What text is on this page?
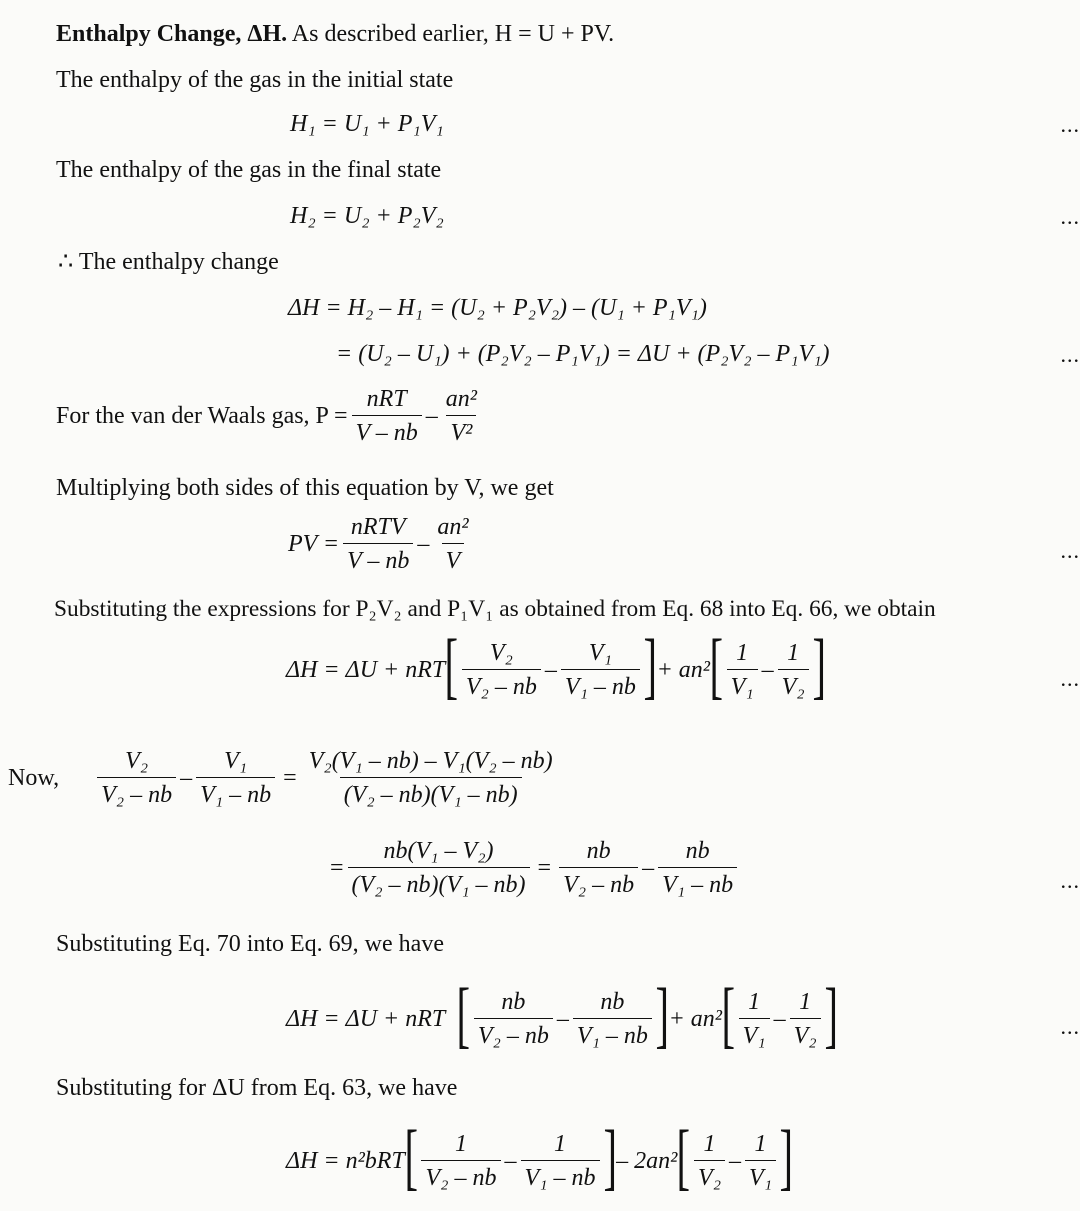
Enthalpy Change, ΔH. As described earlier, H = U + PV.
The enthalpy of the gas in the initial state
H₁ = U₁ + P₁V₁	...
The enthalpy of the gas in the final state
H₂ = U₂ + P₂V₂	...
∴ The enthalpy change
ΔH = H₂ – H₁ = (U₂ + P₂V₂) – (U₁ + P₁V₁)
= (U₂ – U₁) + (P₂V₂ – P₁V₁) = ΔU + (P₂V₂ – P₁V₁)	...
For the van der Waals gas, $P = \frac{\text{nRT}}{V - nb} - \frac{\text{an²}}{\text{V²}}$
Multiplying both sides of this equation by V, we get
PV = $\frac{\text{nRTV}}{V - nb} - \frac{\text{an²}}{V}$	...
Substituting the expressions for P₂V₂ and P₁V₁ as obtained from Eq. 68 into Eq. 66, we obtain
ΔH = ΔU + nRT [ $\frac{\text{V₂}}{\text{V₂ – nb}} - \frac{\text{V₁}}{\text{V₁ – nb}}$ ] + an² [ $\frac{1}{\text{V₁}} - \frac{1}{\text{V₂}}$ ]	...
Now, $\frac{\text{V₂}}{\text{V₂ – nb}} - \frac{\text{V₁}}{\text{V₁ – nb}} = \frac{\text{V₂(V₁ – nb) – V₁(V₂ – nb)}}{\text{(V₂ – nb)(V₁ – nb)}}$
= $\frac{\text{nb(V₁ – V₂)}}{\text{(V₂ – nb)(V₁ – nb)}} = \frac{nb}{\text{V₂ – nb}} - \frac{nb}{\text{V₁ – nb}}$	...
Substituting Eq. 70 into Eq. 69, we have
ΔH = ΔU + nRT [ $\frac{nb}{\text{V₂ – nb}} - \frac{nb}{\text{V₁ – nb}}$ ] + an² [ $\frac{1}{\text{V₁}} - \frac{1}{\text{V₂}}$ ]	...
Substituting for ΔU from Eq. 63, we have
ΔH = n²bRT [ $\frac{1}{\text{V₂ – nb}} - \frac{1}{\text{V₁ – nb}}$ ] – 2an² [ $\frac{1}{\text{V₂}} - \frac{1}{\text{V₁}}$ ]
